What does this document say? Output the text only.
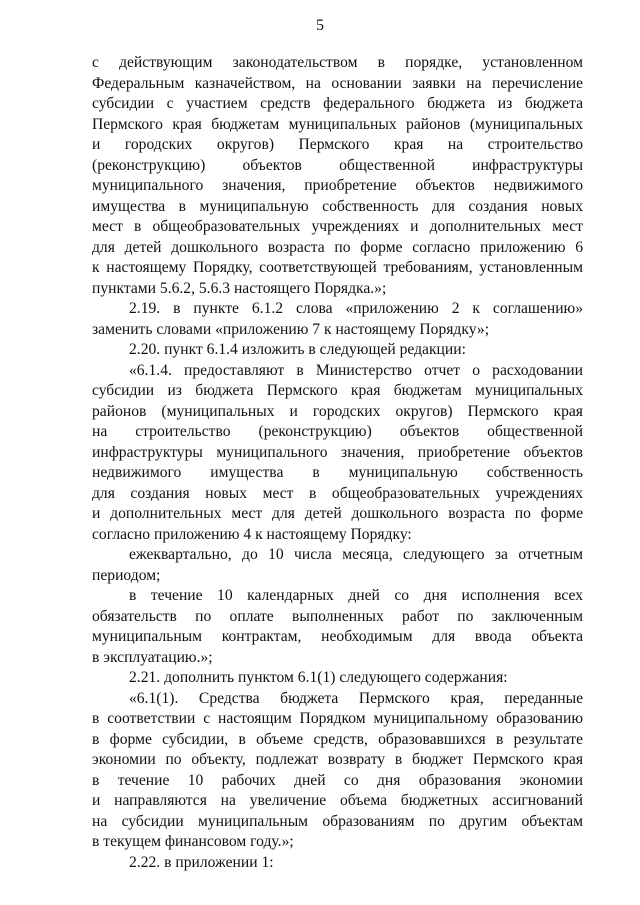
5
с действующим законодательством в порядке, установленном
Федеральным казначейством, на основании заявки на перечисление
субсидии с участием средств федерального бюджета из бюджета
Пермского края бюджетам муниципальных районов (муниципальных
и городских округов) Пермского края на строительство
(реконструкцию) объектов общественной инфраструктуры
муниципального значения, приобретение объектов недвижимого
имущества в муниципальную собственность для создания новых
мест в общеобразовательных учреждениях и дополнительных мест
для детей дошкольного возраста по форме согласно приложению 6
к настоящему Порядку, соответствующей требованиям, установленным
пунктами 5.6.2, 5.6.3 настоящего Порядка.»;
2.19. в пункте 6.1.2 слова «приложению 2 к соглашению»
заменить словами «приложению 7 к настоящему Порядку»;
2.20. пункт 6.1.4 изложить в следующей редакции:
«6.1.4. предоставляют в Министерство отчет о расходовании
субсидии из бюджета Пермского края бюджетам муниципальных
районов (муниципальных и городских округов) Пермского края
на строительство (реконструкцию) объектов общественной
инфраструктуры муниципального значения, приобретение объектов
недвижимого имущества в муниципальную собственность
для создания новых мест в общеобразовательных учреждениях
и дополнительных мест для детей дошкольного возраста по форме
согласно приложению 4 к настоящему Порядку:
ежеквартально, до 10 числа месяца, следующего за отчетным
периодом;
в течение 10 календарных дней со дня исполнения всех
обязательств по оплате выполненных работ по заключенным
муниципальным контрактам, необходимым для ввода объекта
в эксплуатацию.»;
2.21. дополнить пунктом 6.1(1) следующего содержания:
«6.1(1). Средства бюджета Пермского края, переданные
в соответствии с настоящим Порядком муниципальному образованию
в форме субсидии, в объеме средств, образовавшихся в результате
экономии по объекту, подлежат возврату в бюджет Пермского края
в течение 10 рабочих дней со дня образования экономии
и направляются на увеличение объема бюджетных ассигнований
на субсидии муниципальным образованиям по другим объектам
в текущем финансовом году.»;
2.22. в приложении 1:
